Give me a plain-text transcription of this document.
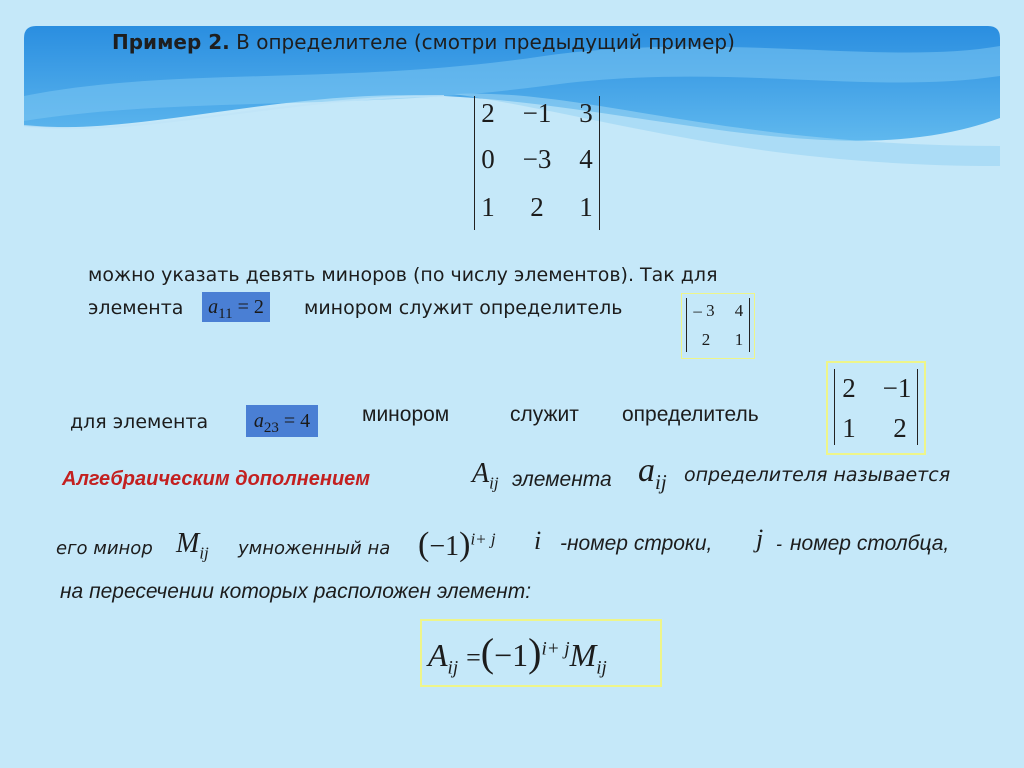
Пример 2. В определителе (смотри предыдущий пример)
2 −1 3
0 −3 4
1	2	1
можно указать девять миноров (по числу элементов). Так для
элемента	$a_{11} = 2$	минором служит определитель	– 3 4
2	1
для элемента	$a_{23} = 4$	минором	служит определитель
2 −1
1 2
Алгебраическим дополнением	$A_{ij}$ элемента $a_{ij}$ определителя называется
его минор $M_{ij}$ умноженный на $(-1)^{i+ j}$ i -номер строки, j - номер столбца,
на пересечении которых расположен элемент:
$A_{ij} =(-1)^{i+ j}M_{ij}$
